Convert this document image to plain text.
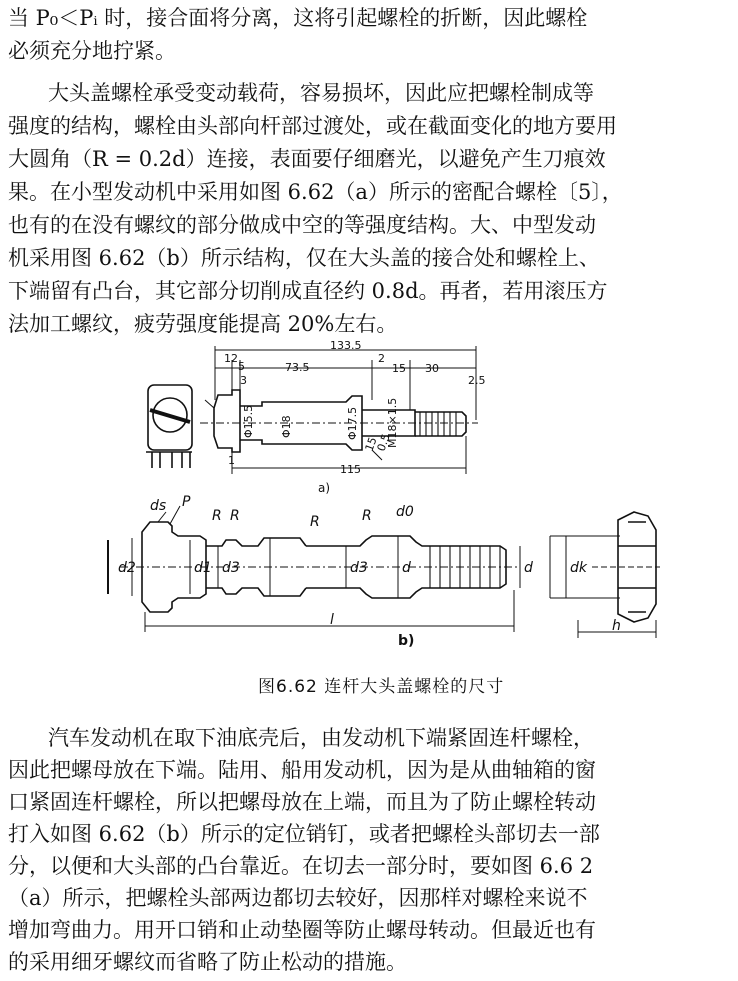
当 P₀＜Pᵢ 时，接合面将分离，这将引起螺栓的折断，因此螺栓
必须充分地拧紧。
大头盖螺栓承受变动载荷，容易损坏，因此应把螺栓制成等
强度的结构，螺栓由头部向杆部过渡处，或在截面变化的地方要用
大圆角（R = 0.2d）连接，表面要仔细磨光，以避免产生刀痕效
果。在小型发动机中采用如图 6.62（a）所示的密配合螺栓〔5〕，
也有的在没有螺纹的部分做成中空的等强度结构。大、中型发动
机采用图 6.62（b）所示结构，仅在大头盖的接合处和螺栓上、
下端留有凸台，其它部分切削成直径约 0.8d。再者，若用滚压方
法加工螺纹，疲劳强度能提高 20%左右。
133.5
12
5
3
73.5
2
15 30
2.5
115
1
Φ15.5 Φ18	Φ17.5 M18×1.5
15
0.5
a)
ds P
R R	R	R d0
d2	d1 d3	d3 d	d
l
dk
h
b)
图6.62 连杆大头盖螺栓的尺寸
汽车发动机在取下油底壳后，由发动机下端紧固连杆螺栓，
因此把螺母放在下端。陆用、船用发动机，因为是从曲轴箱的窗
口紧固连杆螺栓，所以把螺母放在上端，而且为了防止螺栓转动
打入如图 6.62（b）所示的定位销钉，或者把螺栓头部切去一部
分，以便和大头部的凸台靠近。在切去一部分时，要如图 6.6 2
（a）所示，把螺栓头部两边都切去较好，因那样对螺栓来说不
增加弯曲力。用开口销和止动垫圈等防止螺母转动。但最近也有
的采用细牙螺纹而省略了防止松动的措施。
